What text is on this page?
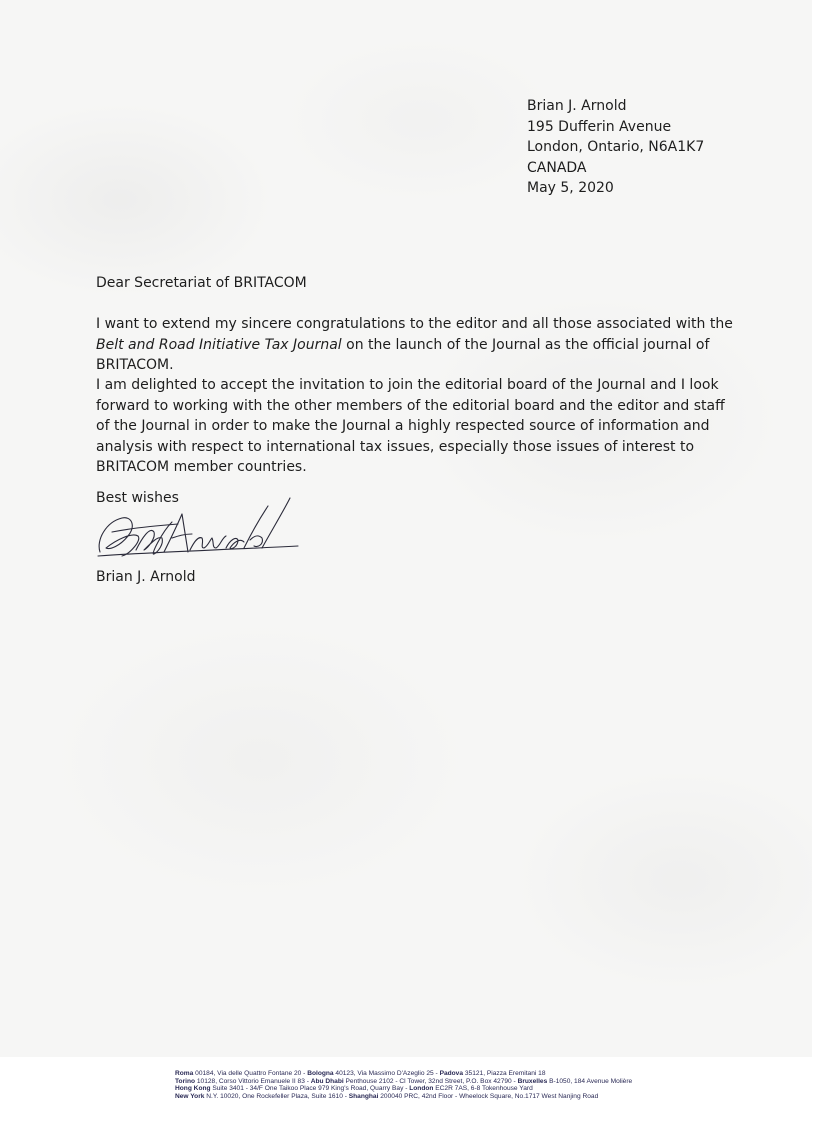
Brian J. Arnold
195 Dufferin Avenue
London, Ontario, N6A1K7
CANADA
May 5, 2020
Dear Secretariat of BRITACOM
I want to extend my sincere congratulations to the editor and all those associated with the Belt and Road Initiative Tax Journal on the launch of the Journal as the official journal of BRITACOM.
I am delighted to accept the invitation to join the editorial board of the Journal and I look forward to working with the other members of the editorial board and the editor and staff of the Journal in order to make the Journal a highly respected source of information and analysis with respect to international tax issues, especially those issues of interest to BRITACOM member countries.
Best wishes
Brian J. Arnold
Roma 00184, Via delle Quattro Fontane 20 - Bologna 40123, Via Massimo D'Azeglio 25 - Padova 35121, Piazza Eremitani 18
Torino 10128, Corso Vittorio Emanuele II 83 - Abu Dhabi Penthouse 2102 - Cl Tower, 32nd Street, P.O. Box 42790 - Bruxelles B-1050, 184 Avenue Molière
Hong Kong Suite 3401 - 34/F One Taikoo Place 979 King's Road, Quarry Bay - London EC2R 7AS, 6-8 Tokenhouse Yard
New York N.Y. 10020, One Rockefeller Plaza, Suite 1610 - Shanghai 200040 PRC, 42nd Floor - Wheelock Square, No.1717 West Nanjing Road
